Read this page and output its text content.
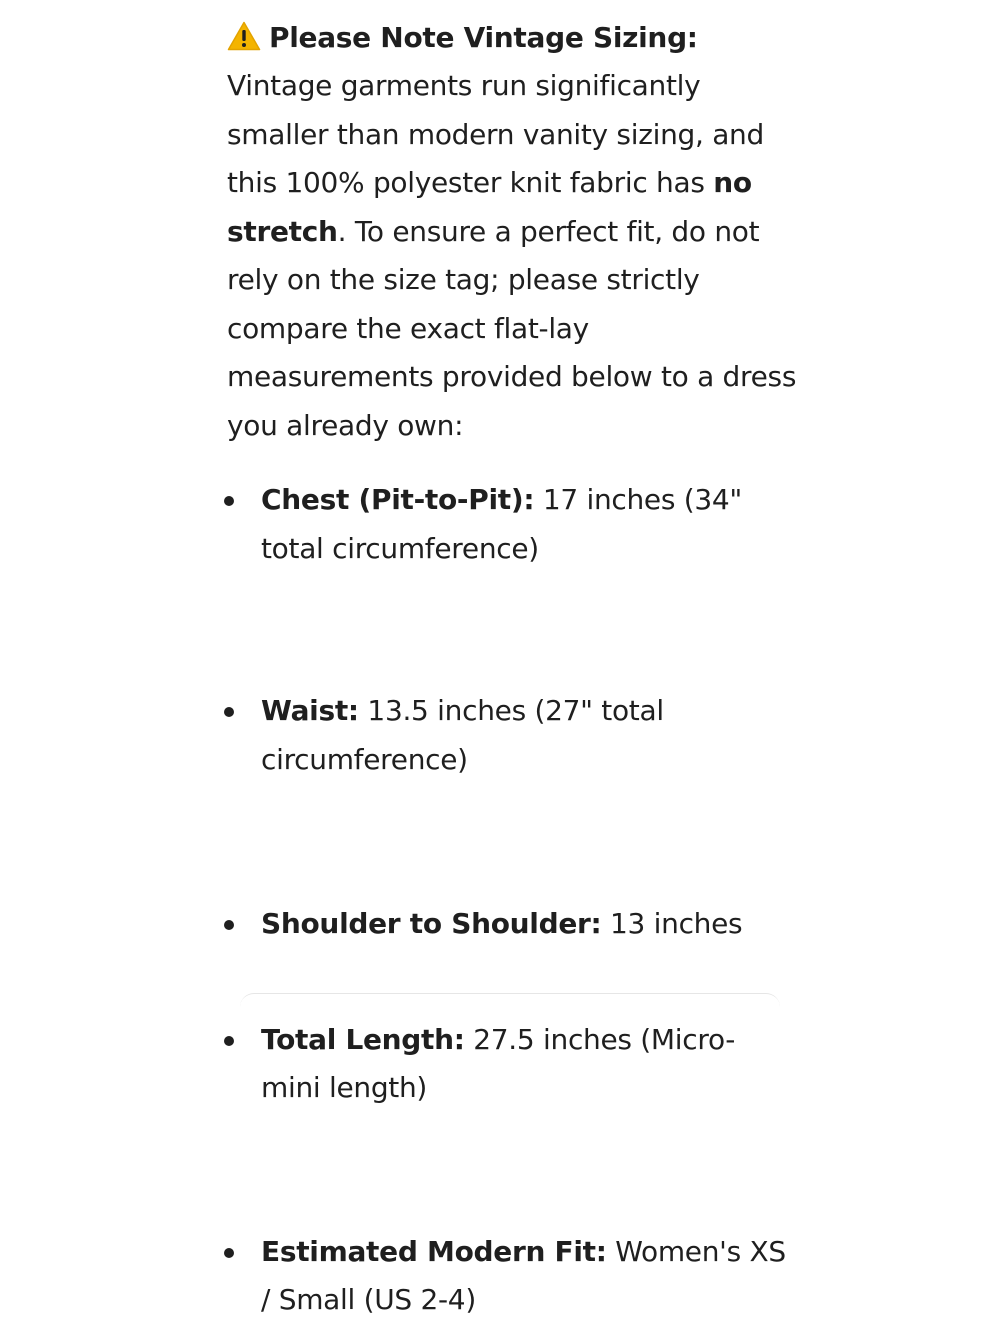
Please Note Vintage Sizing:

Vintage garments run significantly smaller than modern vanity sizing, and this 100% polyester knit fabric has no stretch. To ensure a perfect fit, do not rely on the size tag; please strictly compare the exact flat-lay measurements provided below to a dress you already own:

Chest (Pit-to-Pit): 17 inches (34" total circumference)
Waist: 13.5 inches (27" total circumference)
Shoulder to Shoulder: 13 inches
Total Length: 27.5 inches (Micro-mini length)
Estimated Modern Fit: Women's XS / Small (US 2-4)
